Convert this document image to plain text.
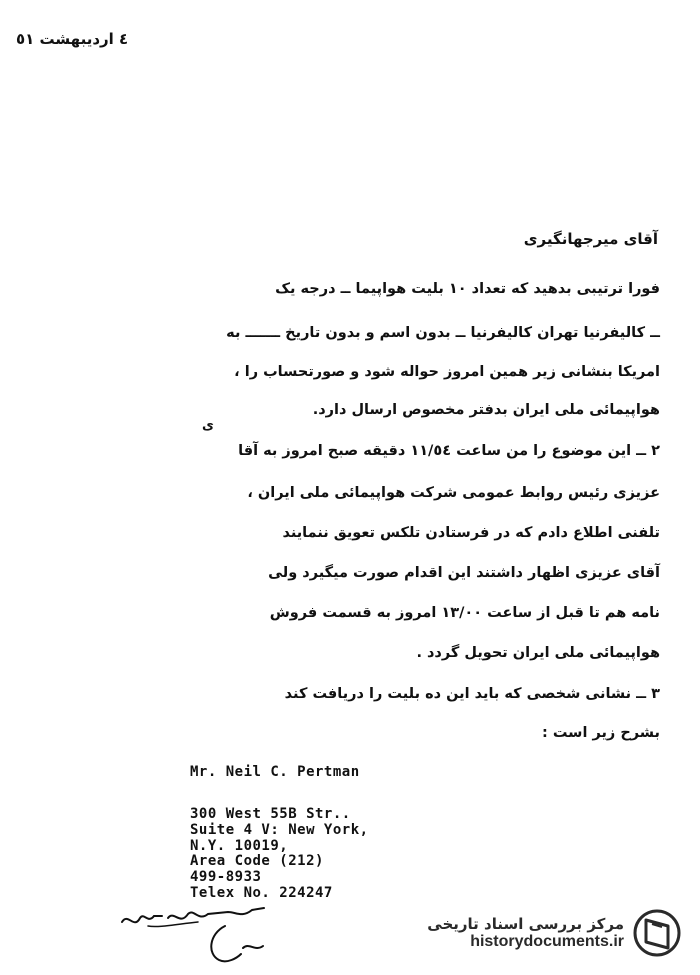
٤ اردیبهشت ٥١
آقای میرجهانگیری
فورا ترتیبی بدهید که تعداد ۱۰ بلیت هواپیما ــ درجه یک
ــ کالیفرنیا تهران کالیفرنیا ــ بدون اسم و بدون تاریخ ـــــــ به
امریکا بنشانی زیر همین امروز حواله شود و صورتحساب را ،
هواپیمائی ملی ایران بدفتر مخصوص ارسال دارد.
ی
۲ ــ این موضوع را من ساعت ۱۱/٥٤ دقیقه صبح امروز به آقا
عزیزی رئیس روابط عمومی شرکت هواپیمائی ملی ایران ،
تلفنی اطلاع دادم که در فرستادن تلکس تعویق ننمایند
آقای عزیزی اظهار داشتند این اقدام صورت میگیرد ولی
نامه هم تا قبل از ساعت ۱۳/۰۰ امروز به قسمت فروش
هواپیمائی ملی ایران تحویل گردد .
۳ ــ نشانی شخصی که باید این ده بلیت را دریافت کند
بشرح زیر است :
Mr. Neil C. Pertman
300 West 55B Str..
Suite 4 V: New York,
N.Y. 10019,
Area Code (212)
499-8933
Telex No. 224247
مرکز بررسی اسناد تاریخی
historydocuments.ir
